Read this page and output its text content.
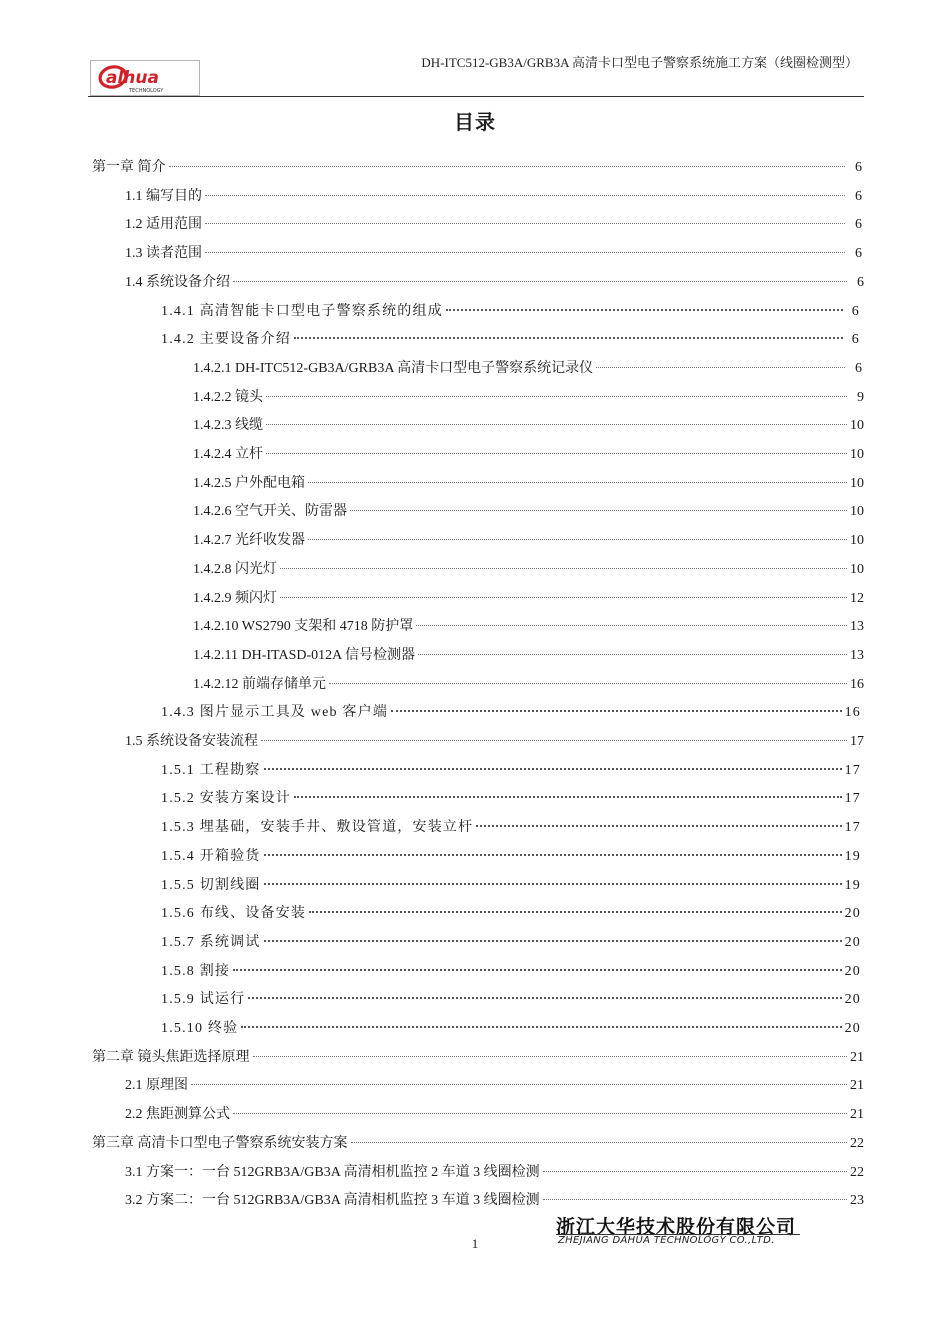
alhua
TECHNOLOGY
DH-ITC512-GB3A/GRB3A 高清卡口型电子警察系统施工方案（线圈检测型）
目录
第一章 简介	6
1.1 编写目的	6
1.2 适用范围	6
1.3 读者范围	6
1.4 系统设备介绍	6
1.4.1 高清智能卡口型电子警察系统的组成	6
1.4.2 主要设备介绍	6
1.4.2.1 DH-ITC512-GB3A/GRB3A 高清卡口型电子警察系统记录仪	6
1.4.2.2 镜头	9
1.4.2.3 线缆	10
1.4.2.4 立杆	10
1.4.2.5 户外配电箱	10
1.4.2.6 空气开关、防雷器	10
1.4.2.7 光纤收发器	10
1.4.2.8 闪光灯	10
1.4.2.9 频闪灯	12
1.4.2.10 WS2790 支架和 4718 防护罩	13
1.4.2.11 DH-ITASD-012A 信号检测器	13
1.4.2.12 前端存储单元	16
1.4.3 图片显示工具及 web 客户端	16
1.5 系统设备安装流程	17
1.5.1 工程勘察	17
1.5.2 安装方案设计	17
1.5.3 埋基础，安装手井、敷设管道，安装立杆	17
1.5.4 开箱验货	19
1.5.5 切割线圈	19
1.5.6 布线、设备安装	20
1.5.7 系统调试	20
1.5.8 割接	20
1.5.9 试运行	20
1.5.10 终验	20
第二章 镜头焦距选择原理	21
2.1 原理图	21
2.2 焦距测算公式	21
第三章 高清卡口型电子警察系统安装方案	22
3.1 方案一：一台 512GRB3A/GB3A 高清相机监控 2 车道 3 线圈检测	22
3.2 方案二：一台 512GRB3A/GB3A 高清相机监控 3 车道 3 线圈检测	23
浙江大华技术股份有限公司
ZHEJIANG DAHUA TECHNOLOGY CO.,LTD.
1
